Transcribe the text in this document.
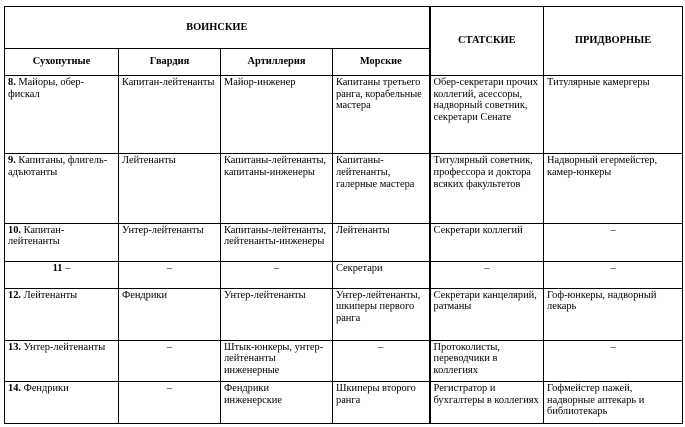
ВОИНСКИЕ				СТАТСКИЕ	ПРИДВОРНЫЕ
Сухопутные	Гвардия	Артиллерия	Морские		
8. Майоры, обер-фискал	Капитан-лейтенанты	Майор-инженер	Капитаны третьего ранга, корабельные мастера	Обер-секретари прочих коллегий, асессоры, надворный советник, секретари Сенате	Титулярные камергеры
9. Капитаны, флигель-адъютанты	Лейтенанты	Капитаны-лейтенанты, капитаны-инженеры	Капитаны-лейтенанты, галерные мастера	Титулярный советник, профессора и доктора всяких факультетов	Надворный егермейстер, камер-юнкеры
10. Капитан-лейтенанты	Унтер-лейтенанты	Капитаны-лейтенанты, лейтенанты-инженеры	Лейтенанты	Секретари коллегий	–
11 –	–	–	Секретари	–	–
12. Лейтенанты	Фендрики	Унтер-лейтенанты	Унтер-лейтенанты, шкиперы первого ранга	Секретари канцелярий, ратманы	Гоф-юнкеры, надворный лекарь
13. Унтер-лейтенанты	–	Штык-юнкеры, унтер-лейтенанты инженерные	–	Протоколисты, переводчики в коллегиях	–
14. Фендрики	–	Фендрики инженерские	Шкиперы второго ранга	Регистратор и бухгалтеры в коллегиях	Гофмейстер пажей, надворные аптекарь и библиотекарь
